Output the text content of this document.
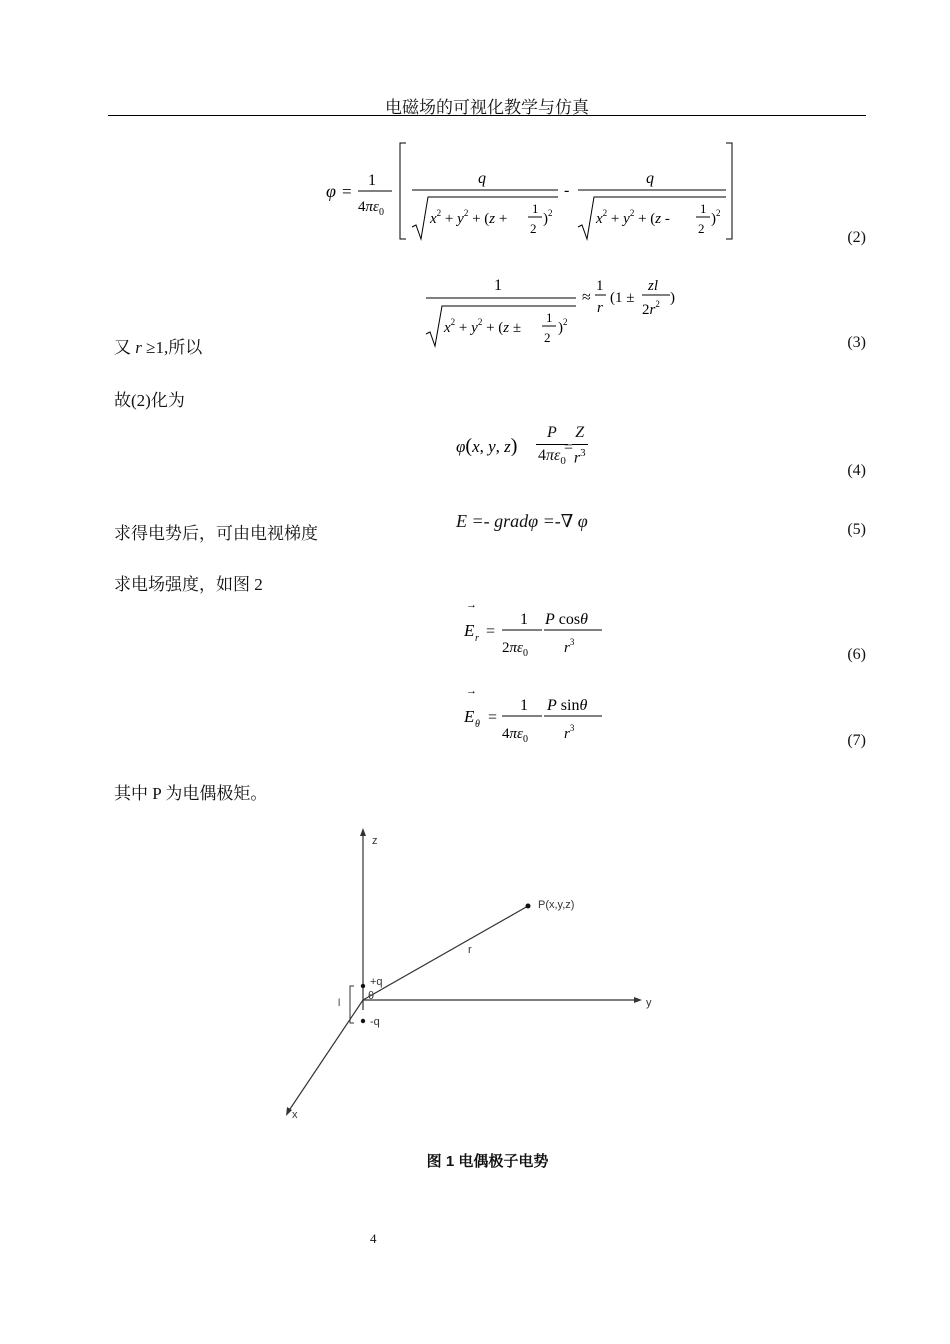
电磁场的可视化教学与仿真
φ =
1
$4\pi\varepsilon_0$
q
$x^2 + y^2 + (z$ +
1
2
)$^2$
-
q
$x^2 + y^2 + (z$ -
1
2
)$^2$
(2)
又 r ≥1,所以
1
$x^2 + y^2 + (z$ ±
1
2
)$^2$
≈
1
r
(1 ±
zl
$2r^2$ )
(3)
故(2)化为
φ(x, y, z)	=
$\frac{P}{4\pi\varepsilon_0}$
$\frac{Z}{r^3}$
(4)
求得电势后，可由电视梯度
E =- gradφ =-∇ φ	(5)
求电场强度，如图 2
→
E r =
1
$2\pi\varepsilon_0$
P cosθ
$r^3$
(6)
→
E θ =
1
$4\pi\varepsilon_0$
P sinθ
$r^3$
(7)
其中 P 为电偶极矩。
z
y
x
P(x,y,z)
r
+q
-q
θ
l
图 1 电偶极子电势
4
